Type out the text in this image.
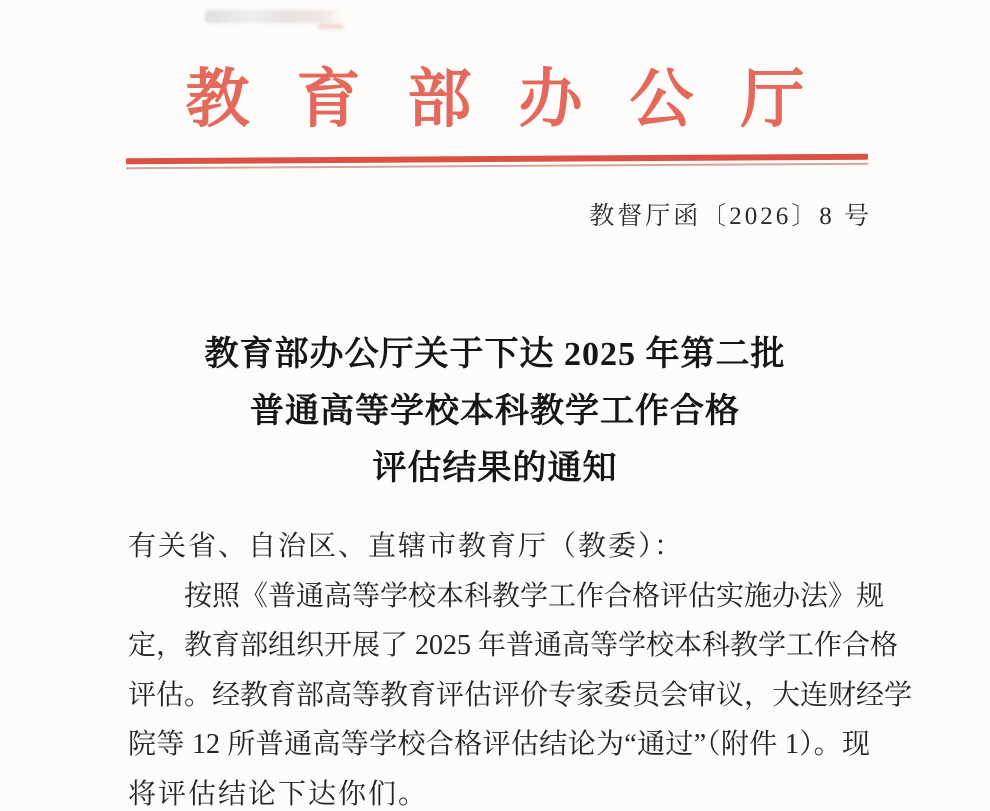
教育部办公厅
教督厅函〔2026〕8 号
教育部办公厅关于下达 2025 年第二批
普通高等学校本科教学工作合格
评估结果的通知
有关省、自治区、直辖市教育厅（教委）：
按照《普通高等学校本科教学工作合格评估实施办法》规
定，教育部组织开展了 2025 年普通高等学校本科教学工作合格
评估。经教育部高等教育评估评价专家委员会审议，大连财经学
院等 12 所普通高等学校合格评估结论为“通过”（附件 1）。现
将评估结论下达你们。
